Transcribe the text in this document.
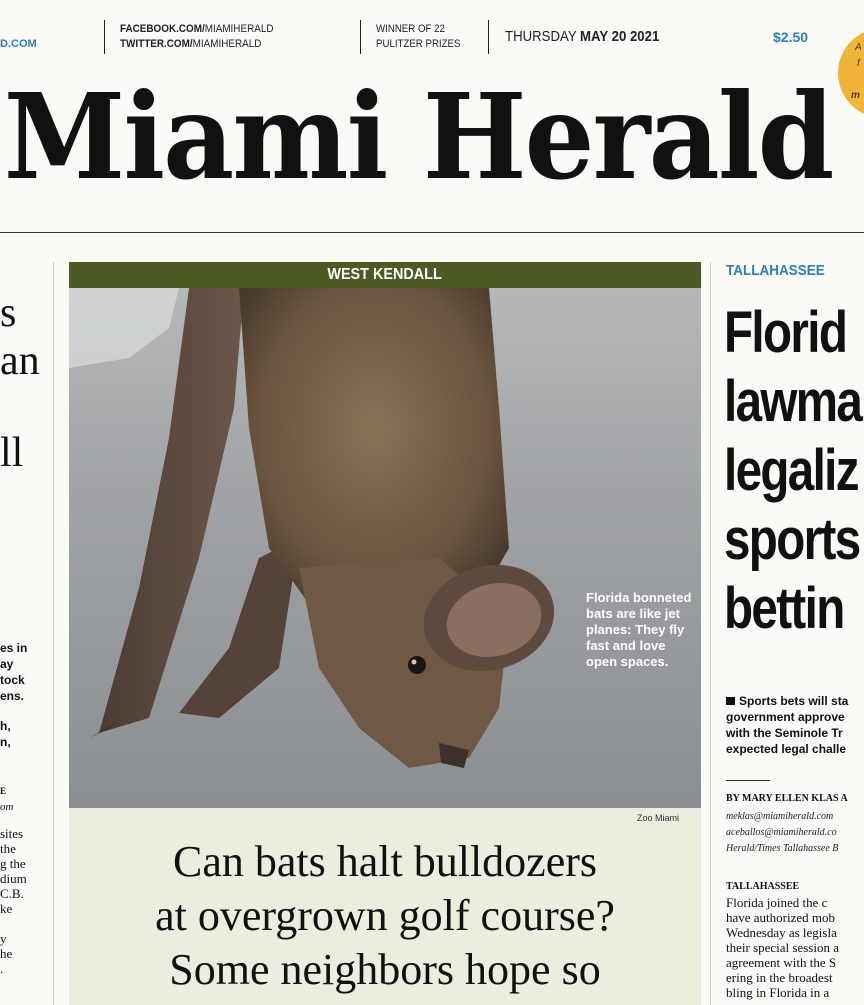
D.COM
FACEBOOK.COM/MIAMIHERALD
TWITTER.COM/MIAMIHERALD
WINNER OF 22
PULITZER PRIZES	THURSDAY MAY 20 2021	$2.50
A
f
m
Miami Herald
s
an
ll
es in
ay
tock
ens.
h,
n,
E
om
sites
the
g the
dium
C.B.
ke

y
he
.
WEST KENDALL
Florida bonneted bats are like jet planes: They fly fast and love open spaces.
Zoo Miami
Can bats halt bulldozers
at overgrown golf course?
Some neighbors hope so
TALLAHASSEE
Florid
lawma
legaliz
sports
bettin
Sports bets will sta
government approve
with the Seminole Tr
expected legal challe
BY MARY ELLEN KLAS A
meklas@miamiherald.com
aceballos@miamiherald.co
Herald/Times Tallahassee B
TALLAHASSEE
Florida joined the c
have authorized mob
Wednesday as legisla
their special session a
agreement with the S
ering in the broadest
bling in Florida in a
